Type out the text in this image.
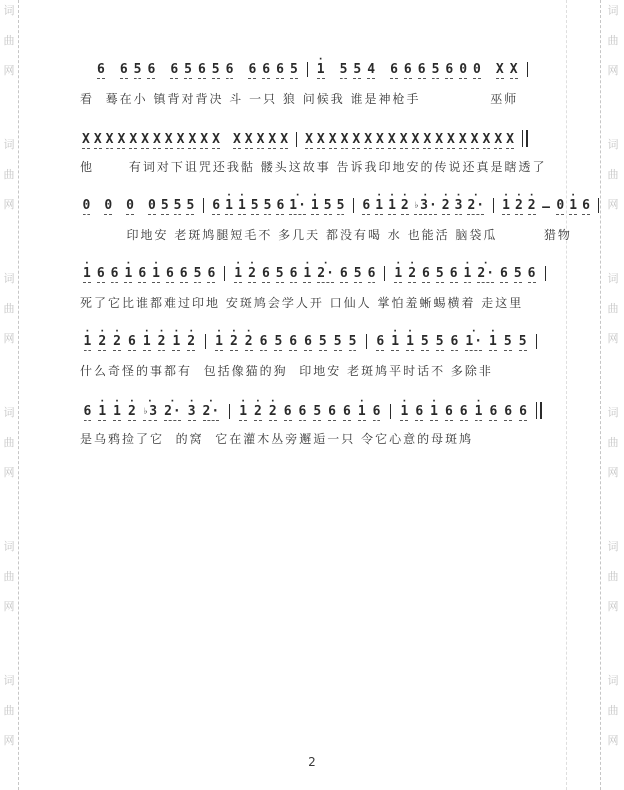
词
曲
网
词
曲
网
词
曲
网
词
曲
网
词
曲
网
词
曲
网
词
曲
网
词
曲
网
词
曲
网
词
曲
网
词
曲
网
词
曲
网
6 6 5 6 6 5 6 5 6 6 6 6 5
·
1 5 5 4 6 6 6 5 6 0 0 X X
看  蓦在小 镇背对背决 斗 一只 狼 问候我 谁是神枪手            巫师
X X X X X X X X X X X X X X X X X X X X X X X X X X X X X X X X X X X
他      有词对下诅咒还我骷 髅头这故事 告诉我印地安的传说还真是瞎透了
0 0 0 0 5 5 5 6
·
1
·
1 5 5 6
·
1·
·
1 5 5 6
·
1
·
1
·
2
·
♭3·
·
2
·
3
·
2·
·
1
·
2
·
2 — 0
·
1 6
印地安 老斑鸠腿短毛不 多几天 都没有喝 水 也能活 脑袋瓜        猎物
·
1 6 6
·
1 6
·
1 6 6 5 6
·
1
·
2 6 5 6
·
1
·
2· 6 5 6
·
1
·
2 6 5 6
·
1
·
2· 6 5 6
死了它比谁都难过印地 安斑鸠会学人开 口仙人 掌怕羞蜥蜴横着 走这里
·
1
·
2
·
2 6
·
1
·
2
·
1
·
2
·
1
·
2
·
2 6 5 6 6 5 5 5 6
·
1
·
1 5 5 6
·
1·
·
1 5 5
什么奇怪的事都有  包括像猫的狗  印地安 老斑鸠平时话不 多除非
6
·
1
·
1
·
2
·
♭3
·
2·
·
3
·
2·
·
1
·
2
·
2 6 6 5 6 6
·
1 6
·
1 6
·
1 6 6
·
1 6 6 6
是乌鸦捡了它  的窝  它在灌木丛旁邂逅一只 令它心意的母斑鸠
2
